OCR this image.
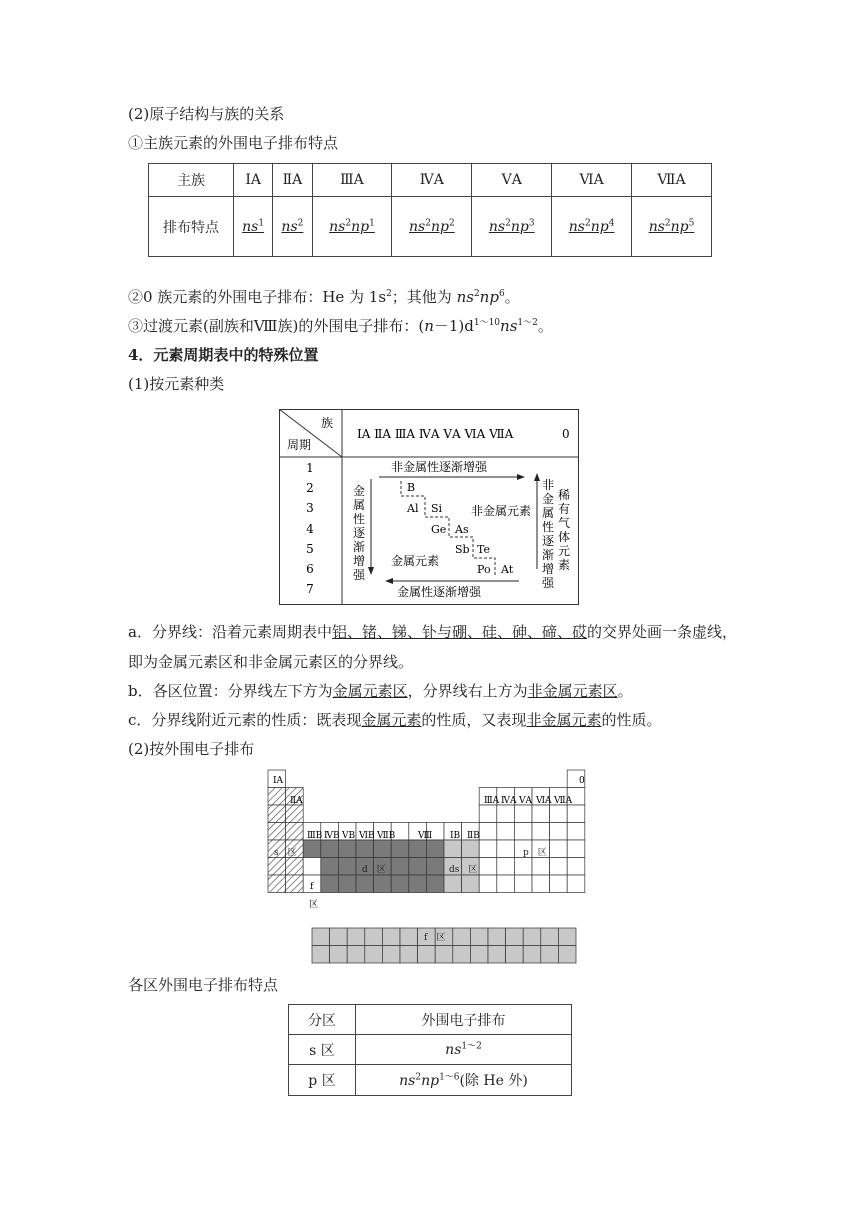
(2)原子结构与族的关系
①主族元素的外围电子排布特点
主族	ⅠA	ⅡA	ⅢA	ⅣA	ⅤA	ⅥA	ⅦA
排布特点	$ns^1$	$ns^2$	$ns^2np^1$	$ns^2np^2$	$ns^2np^3$	$ns^2np^4$	$ns^2np^5$
②0 族元素的外围电子排布：He 为 $1s^2$；其他为 $ns^2np^6$。
③过渡元素(副族和Ⅷ族)的外围电子排布：$(n-1)d^{1\sim 10}ns^{1\sim 2}$。
4．元素周期表中的特殊位置
(1)按元素种类
族
周期
ⅠA ⅡA ⅢA ⅣA ⅤA ⅥA ⅦA	0
1
2
3
4
5
6
7
非金属性逐渐增强
金属性逐渐增强
金
属
性
逐
渐
增
强
非
金
属
性
逐
渐
增
强
稀
有
气
体
元
素
非金属元素
金属元素
B
Al Si
Ge As
Sb Te
Po At
a．分界线：沿着元素周期表中铝、锗、锑、钋与硼、硅、砷、碲、砹的交界处画一条虚线，
即为金属元素区和非金属元素区的分界线。
b．各区位置：分界线左下方为金属元素区，分界线右上方为非金属元素区。
c．分界线附近元素的性质：既表现金属元素的性质，又表现非金属元素的性质。
(2)按外围电子排布
ⅠA	0
ⅡA	ⅢA ⅣA ⅤA ⅥA ⅦA
ⅢB ⅣB ⅤB ⅥB ⅦB	Ⅷ ⅠB ⅡB
s　区
d　区	ds　区
p　区
f
区
f　区
各区外围电子排布特点
分区	外围电子排布
s 区	$ns^{1\sim 2}$
p 区	$ns^2np^{1\sim 6}$(除 He 外)
